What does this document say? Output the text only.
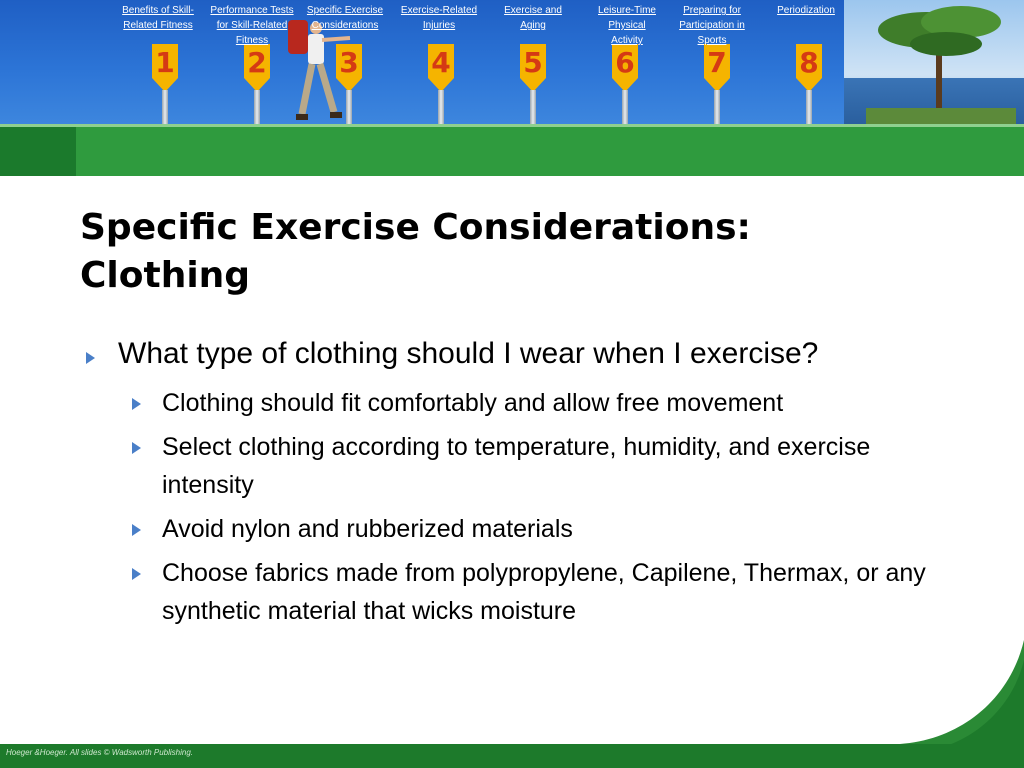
1	2	3	4	5	6	7	8
Benefits of Skill-Related Fitness
Performance Tests for Skill-Related Fitness
Specific Exercise Considerations
Exercise-Related Injuries
Exercise and Aging
Leisure-Time Physical Activity
Preparing for Participation in Sports
Periodization
Specific Exercise Considerations:
Clothing
What type of clothing should I wear when I exercise?
Clothing should fit comfortably and allow free movement
Select clothing according to temperature, humidity, and exercise intensity
Avoid nylon and rubberized materials
Choose fabrics made from polypropylene, Capilene, Thermax, or any synthetic material that wicks moisture
Hoeger &Hoeger. All slides © Wadsworth Publishing.
